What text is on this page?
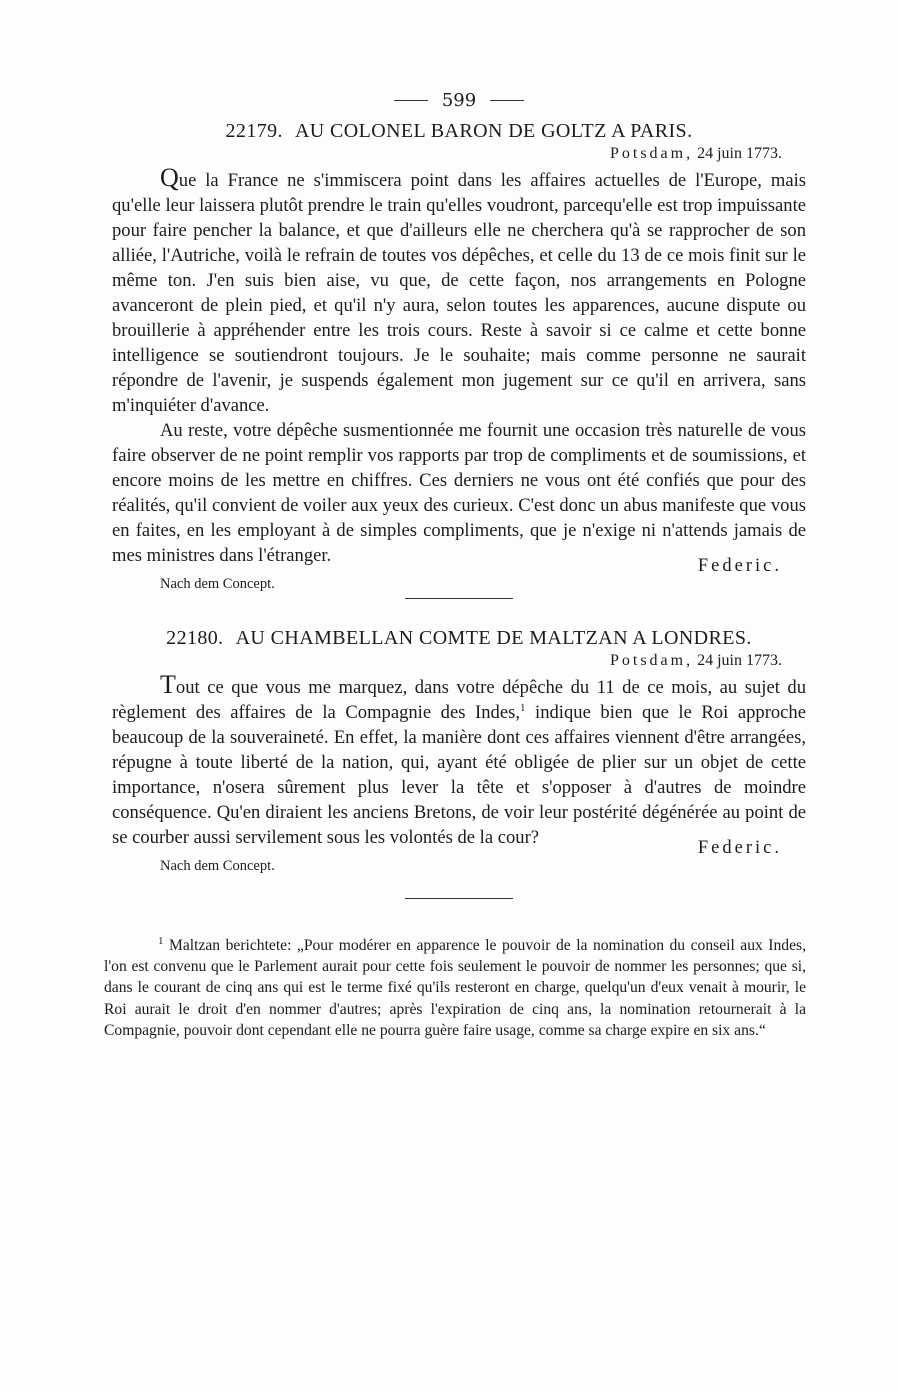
599
22179. AU COLONEL BARON DE GOLTZ A PARIS.
Potsdam, 24 juin 1773.

Que la France ne s'immiscera point dans les affaires actuelles de l'Europe, mais qu'elle leur laissera plutôt prendre le train qu'elles voudront, parcequ'elle est trop impuissante pour faire pencher la balance, et que d'ailleurs elle ne cherchera qu'à se rapprocher de son alliée, l'Autriche, voilà le refrain de toutes vos dépêches, et celle du 13 de ce mois finit sur le même ton. J'en suis bien aise, vu que, de cette façon, nos arrangements en Pologne avanceront de plein pied, et qu'il n'y aura, selon toutes les apparences, aucune dispute ou brouillerie à appréhender entre les trois cours. Reste à savoir si ce calme et cette bonne intelligence se soutiendront toujours. Je le souhaite; mais comme personne ne saurait répondre de l'avenir, je suspends également mon jugement sur ce qu'il en arrivera, sans m'inquiéter d'avance.

Au reste, votre dépêche susmentionnée me fournit une occasion très naturelle de vous faire observer de ne point remplir vos rapports par trop de compliments et de soumissions, et encore moins de les mettre en chiffres. Ces derniers ne vous ont été confiés que pour des réalités, qu'il convient de voiler aux yeux des curieux. C'est donc un abus manifeste que vous en faites, en les employant à de simples compliments, que je n'exige ni n'attends jamais de mes ministres dans l'étranger.

Nach dem Concept.
Federic.
22180. AU CHAMBELLAN COMTE DE MALTZAN A LONDRES.
Potsdam, 24 juin 1773.

Tout ce que vous me marquez, dans votre dépêche du 11 de ce mois, au sujet du règlement des affaires de la Compagnie des Indes,$^1$ indique bien que le Roi approche beaucoup de la souveraineté. En effet, la manière dont ces affaires viennent d'être arrangées, répugne à toute liberté de la nation, qui, ayant été obligée de plier sur un objet de cette importance, n'osera sûrement plus lever la tête et s'opposer à d'autres de moindre conséquence. Qu'en diraient les anciens Bretons, de voir leur postérité dégénérée au point de se courber aussi servilement sous les volontés de la cour?

Nach dem Concept.
Federic.

$^1$ Maltzan berichtete: „Pour modérer en apparence le pouvoir de la nomination du conseil aux Indes, l'on est convenu que le Parlement aurait pour cette fois seulement le pouvoir de nommer les personnes; que si, dans le courant de cinq ans qui est le terme fixé qu'ils resteront en charge, quelqu'un d'eux venait à mourir, le Roi aurait le droit d'en nommer d'autres; après l'expiration de cinq ans, la nomination retournerait à la Compagnie, pouvoir dont cependant elle ne pourra guère faire usage, comme sa charge expire en six ans.“
